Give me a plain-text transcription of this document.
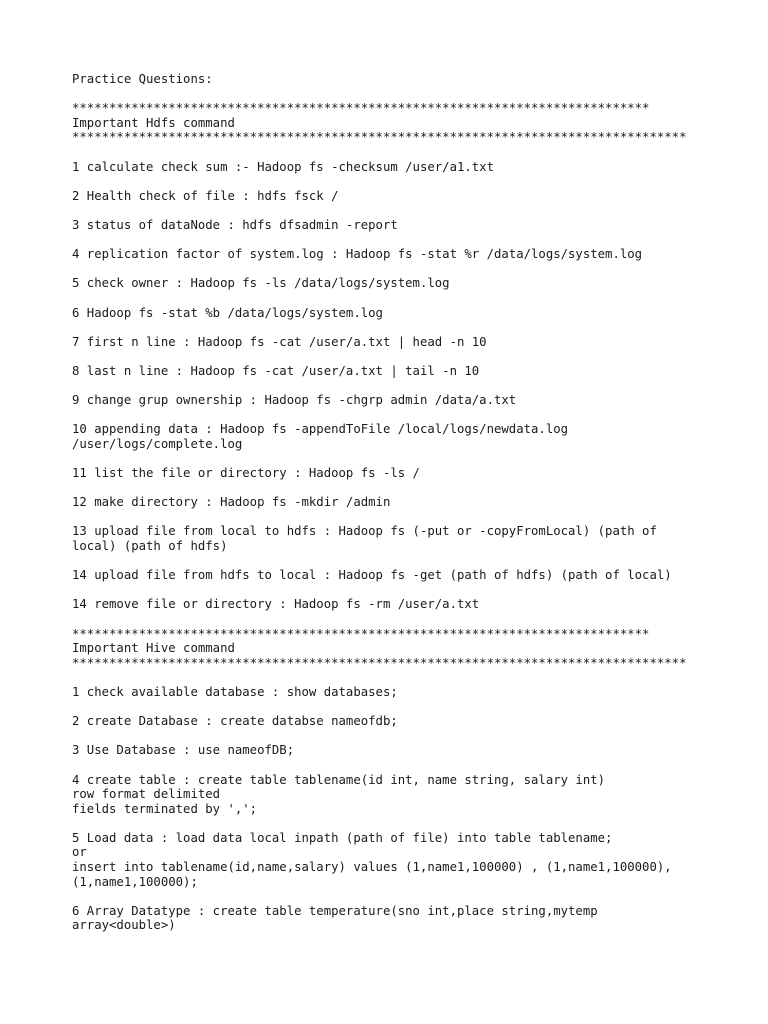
Practice Questions:
******************************************************************************
Important Hdfs command
***********************************************************************************
1 calculate check sum :- Hadoop fs -checksum /user/a1.txt
2 Health check of file : hdfs fsck /
3 status of dataNode : hdfs dfsadmin -report
4 replication factor of system.log : Hadoop fs -stat %r /data/logs/system.log
5 check owner : Hadoop fs -ls /data/logs/system.log
6 Hadoop fs -stat %b /data/logs/system.log
7 first n line : Hadoop fs -cat /user/a.txt | head -n 10
8 last n line : Hadoop fs -cat /user/a.txt | tail -n 10
9 change grup ownership : Hadoop fs -chgrp admin /data/a.txt
10 appending data : Hadoop fs -appendToFile /local/logs/newdata.log
/user/logs/complete.log
11 list the file or directory : Hadoop fs -ls /
12 make directory : Hadoop fs -mkdir /admin
13 upload file from local to hdfs : Hadoop fs (-put or -copyFromLocal) (path of
local) (path of hdfs)
14 upload file from hdfs to local : Hadoop fs -get (path of hdfs) (path of local)
14 remove file or directory : Hadoop fs -rm /user/a.txt
******************************************************************************
Important Hive command
***********************************************************************************
1 check available database : show databases;
2 create Database : create databse nameofdb;
3 Use Database : use nameofDB;
4 create table : create table tablename(id int, name string, salary int)
row format delimited
fields terminated by ',';
5 Load data : load data local inpath (path of file) into table tablename;
or
insert into tablename(id,name,salary) values (1,name1,100000) , (1,name1,100000),
(1,name1,100000);
6 Array Datatype : create table temperature(sno int,place string,mytemp
array<double>)
